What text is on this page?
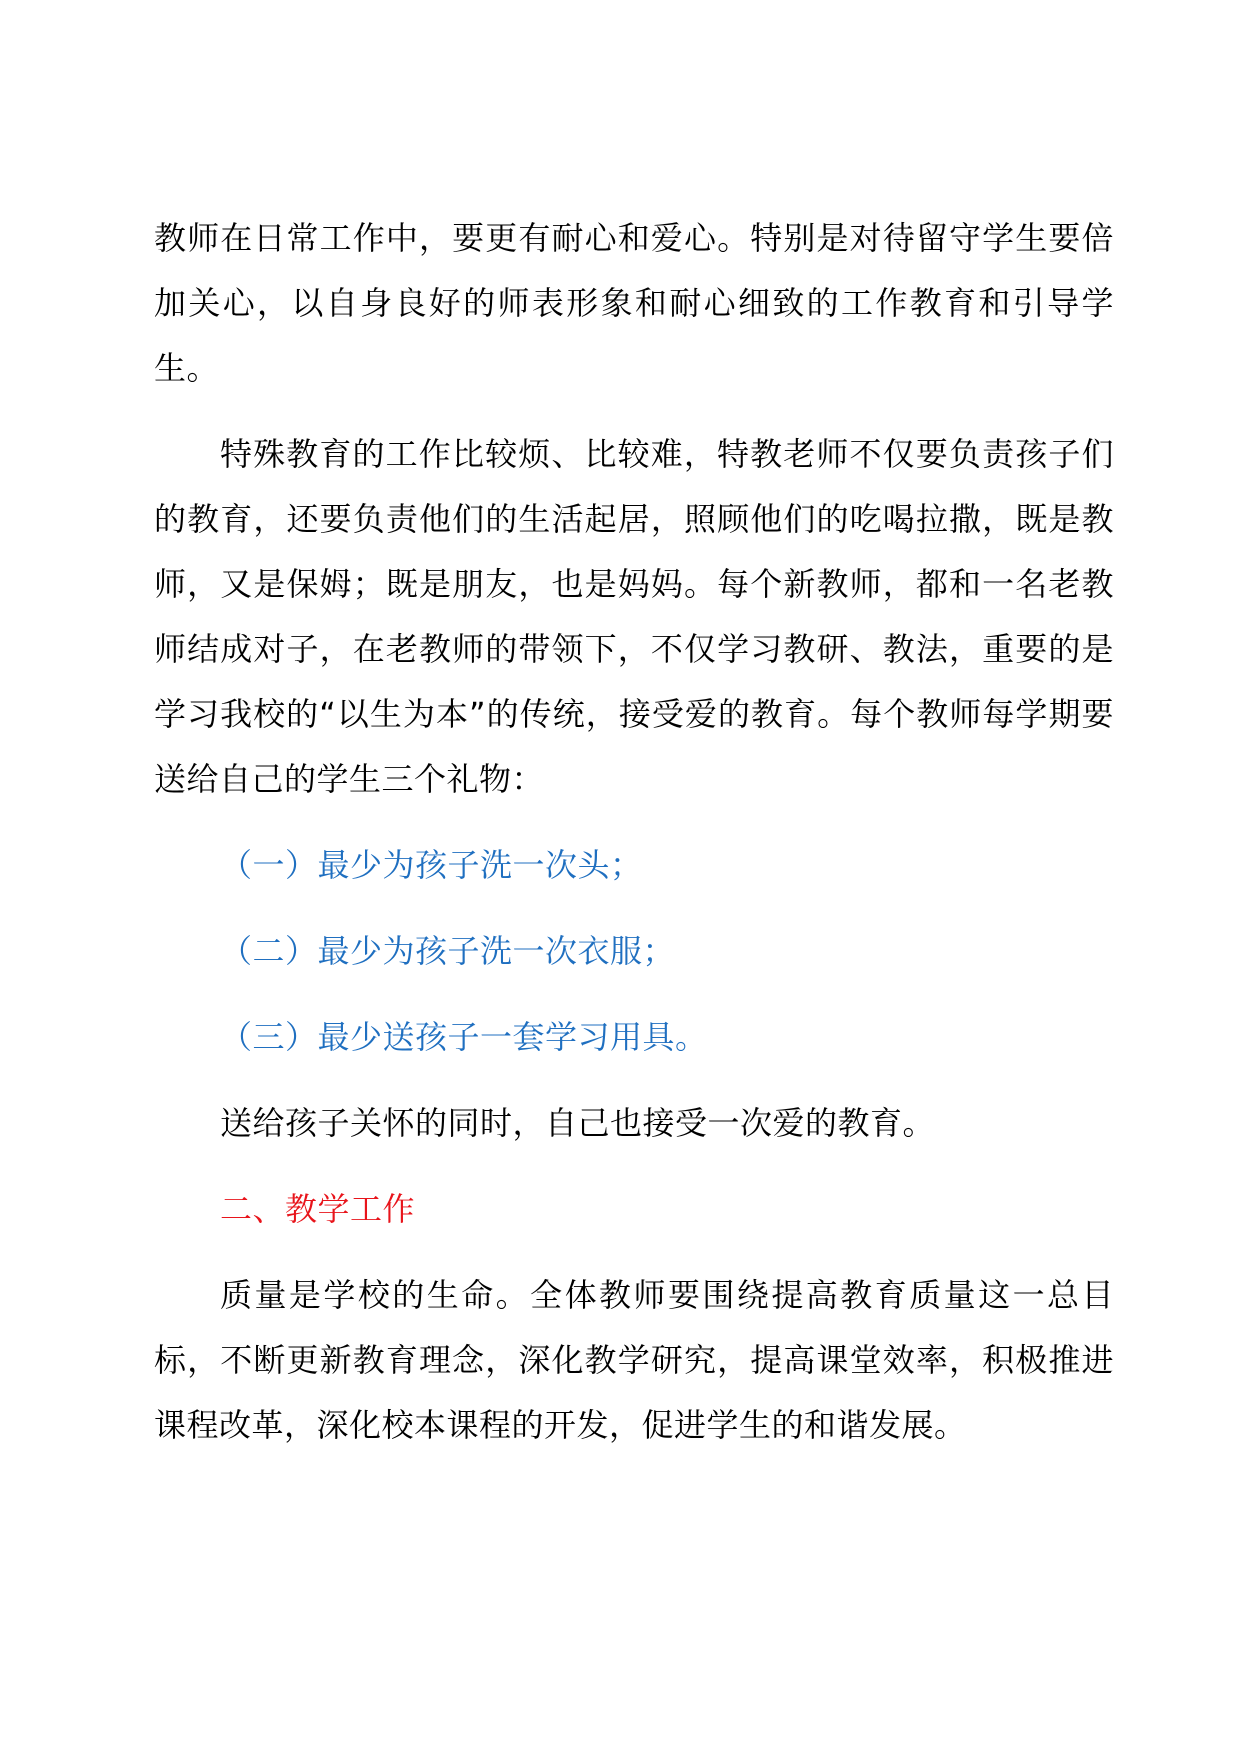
教师在日常工作中，要更有耐心和爱心。特别是对待留守学生要倍加关心，以自身良好的师表形象和耐心细致的工作教育和引导学生。

特殊教育的工作比较烦、比较难，特教老师不仅要负责孩子们的教育，还要负责他们的生活起居，照顾他们的吃喝拉撒，既是教师，又是保姆；既是朋友，也是妈妈。每个新教师，都和一名老教师结成对子，在老教师的带领下，不仅学习教研、教法，重要的是学习我校的“以生为本”的传统，接受爱的教育。每个教师每学期要送给自己的学生三个礼物：

（一）最少为孩子洗一次头；

（二）最少为孩子洗一次衣服；

（三）最少送孩子一套学习用具。

送给孩子关怀的同时，自己也接受一次爱的教育。

二、教学工作

质量是学校的生命。全体教师要围绕提高教育质量这一总目标，不断更新教育理念，深化教学研究，提高课堂效率，积极推进课程改革，深化校本课程的开发，促进学生的和谐发展。
